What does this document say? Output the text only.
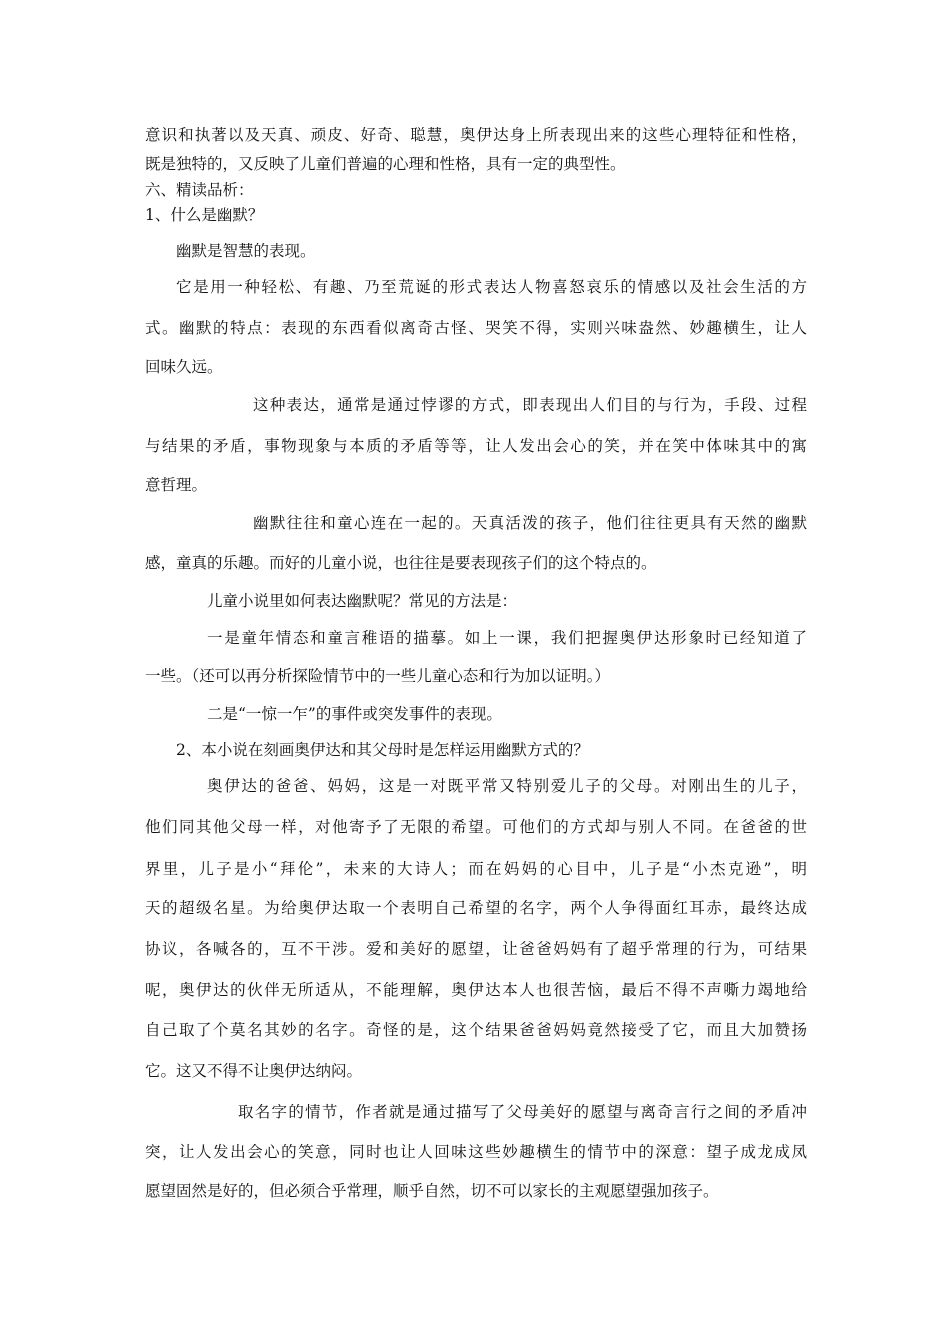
意识和执著以及天真、顽皮、好奇、聪慧，奥伊达身上所表现出来的这些心理特征和性格，

既是独特的，又反映了儿童们普遍的心理和性格，具有一定的典型性。

六、精读品析：

1、什么是幽默？

幽默是智慧的表现。

它是用一种轻松、有趣、乃至荒诞的形式表达人物喜怒哀乐的情感以及社会生活的方

式。幽默的特点：表现的东西看似离奇古怪、哭笑不得，实则兴味盎然、妙趣横生，让人

回味久远。

这种表达，通常是通过悖谬的方式，即表现出人们目的与行为，手段、过程

与结果的矛盾，事物现象与本质的矛盾等等，让人发出会心的笑，并在笑中体味其中的寓

意哲理。

幽默往往和童心连在一起的。天真活泼的孩子，他们往往更具有天然的幽默

感，童真的乐趣。而好的儿童小说，也往往是要表现孩子们的这个特点的。

儿童小说里如何表达幽默呢？常见的方法是：

一是童年情态和童言稚语的描摹。如上一课，我们把握奥伊达形象时已经知道了

一些。（还可以再分析探险情节中的一些儿童心态和行为加以证明。）

二是“一惊一乍”的事件或突发事件的表现。

2、本小说在刻画奥伊达和其父母时是怎样运用幽默方式的？

奥伊达的爸爸、妈妈，这是一对既平常又特别爱儿子的父母。对刚出生的儿子，

他们同其他父母一样，对他寄予了无限的希望。可他们的方式却与别人不同。在爸爸的世

界里，儿子是小“拜伦”，未来的大诗人；而在妈妈的心目中，儿子是“小杰克逊”，明

天的超级名星。为给奥伊达取一个表明自己希望的名字，两个人争得面红耳赤，最终达成

协议，各喊各的，互不干涉。爱和美好的愿望，让爸爸妈妈有了超乎常理的行为，可结果

呢，奥伊达的伙伴无所适从，不能理解，奥伊达本人也很苦恼，最后不得不声嘶力竭地给

自己取了个莫名其妙的名字。奇怪的是，这个结果爸爸妈妈竟然接受了它，而且大加赞扬

它。这又不得不让奥伊达纳闷。

取名字的情节，作者就是通过描写了父母美好的愿望与离奇言行之间的矛盾冲

突，让人发出会心的笑意，同时也让人回味这些妙趣横生的情节中的深意：望子成龙成凤

愿望固然是好的，但必须合乎常理，顺乎自然，切不可以家长的主观愿望强加孩子。
